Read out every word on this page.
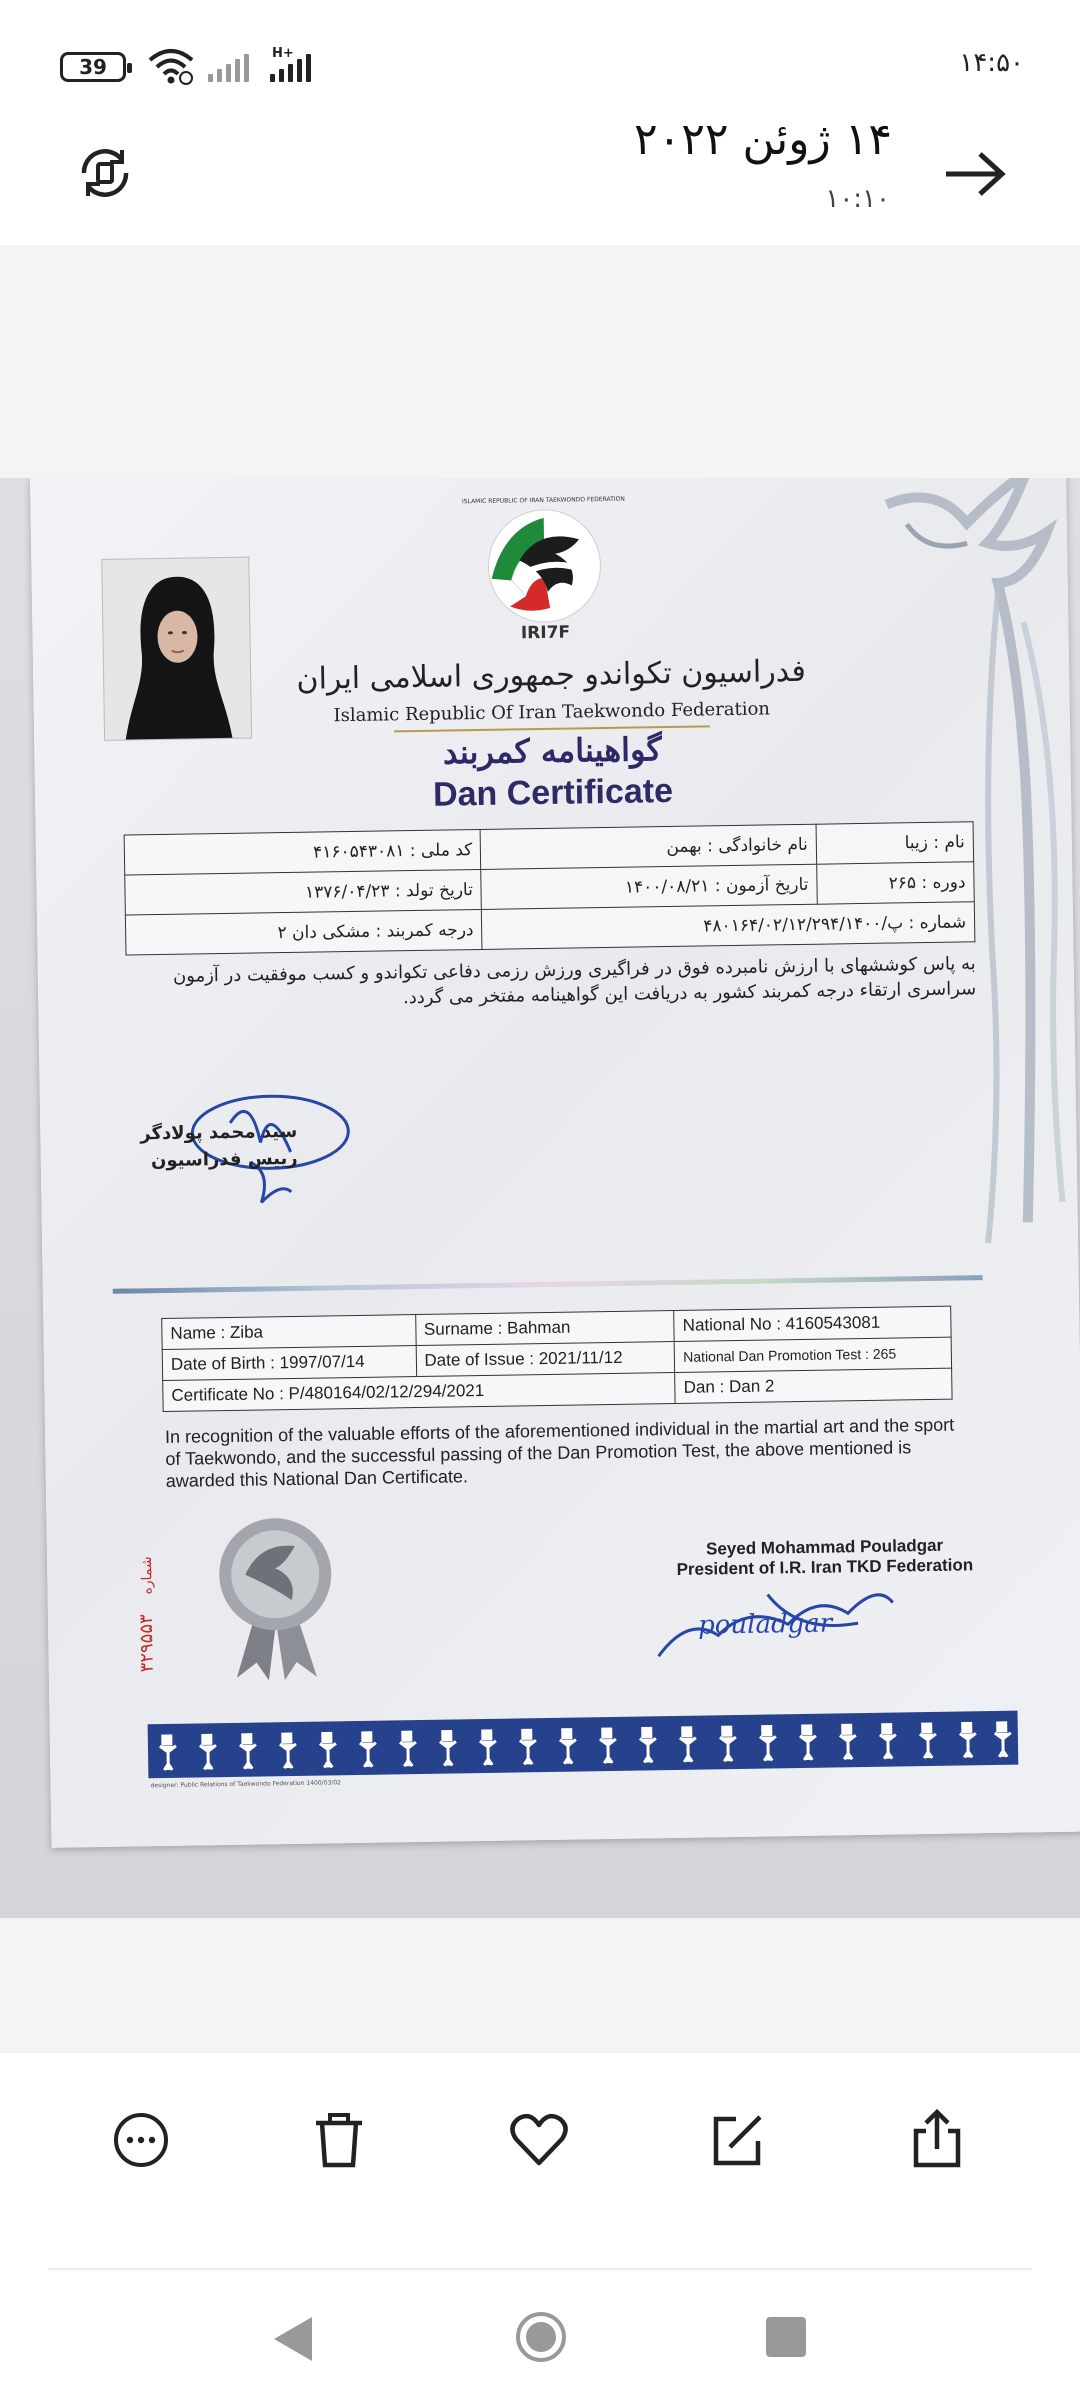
39
H+	۱۴:۵۰
۱۴ ژوئن ۲۰۲۲
۱۰:۱۰
IRI7F
ISLAMIC REPUBLIC OF IRAN TAEKWONDO FEDERATION
فدراسیون تکواندو جمهوری اسلامی ایران
Islamic Republic Of Iran Taekwondo Federation
گواهینامه کمربند
Dan Certificate
نام : زیبا	نام خانوادگی : بهمن	کد ملی : ۴۱۶۰۵۴۳۰۸۱
دوره : ۲۶۵	تاریخ آزمون : ۱۴۰۰/۰۸/۲۱	تاریخ تولد : ۱۳۷۶/۰۴/۲۳
شماره : پ/۴۸۰۱۶۴/۰۲/۱۲/۲۹۴/۱۴۰۰		درجه کمربند : مشکی دان ۲
به پاس کوششهای با ارزش نامبرده فوق در فراگیری ورزش رزمی دفاعی تکواندو و کسب موفقیت در آزمون سراسری ارتقاء درجه کمربند کشور به دریافت این گواهینامه مفتخر می گردد.
سید محمد پولادگر
رییس فدراسیون
Name : Ziba	Surname : Bahman	National No : 4160543081
Date of Birth : 1997/07/14	Date of Issue : 2021/11/12	National Dan Promotion Test : 265
Certificate No : P/480164/02/12/294/2021		Dan : Dan 2
In recognition of the valuable efforts of the aforementioned individual in the martial art and the sport of Taekwondo, and the successful passing of the Dan Promotion Test, the above mentioned is awarded this National Dan Certificate.
شماره
۳۲۹۵۵۳
Seyed Mohammad Pouladgar
President of I.R. Iran TKD Federation
pouladgar
designer: Public Relations of Taekwondo Federation 1400/03/02
